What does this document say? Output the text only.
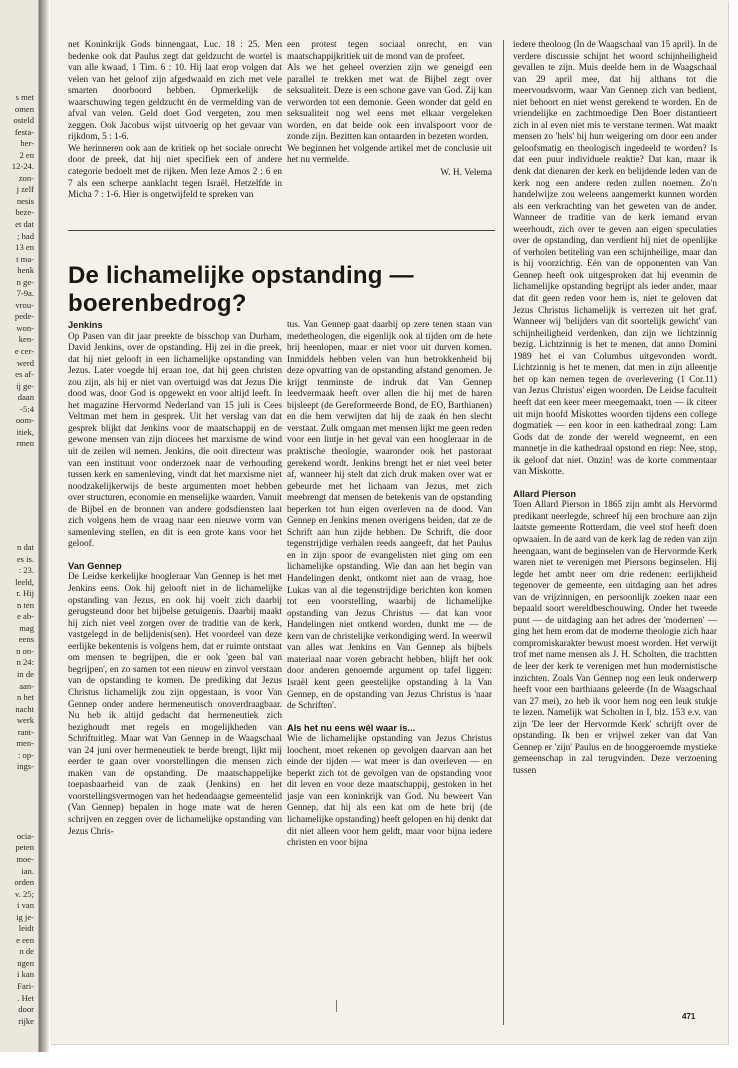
s met
omen
osteld
festa-
her-
2 en
12-24.
zon-
j zelf
nesis
beze-
et dat
; had
13 en
t ma-
henk
n ge-
7-9a.
vrou-
pede-
won-
ken-
e cer-
werd
es af-
ij ge-
daan
-5:4
oom-
itiek,
rmen
n dat
es is.
: 23.
leeld,
r. Hij
n ten
e ab-
mag
eens
n on-
n 24:
in de
aan-
n het
nacht
werk
rant-
men-
: op-
ings-
ocia-
peten
moe-
ian.
orden
v. 25;
i van
ig je-
leidt
e een
n de
ngen
i kan
Fari-
. Het
door
rijke

net Koninkrijk Gods binnengaat, Luc. 18 : 25. Men bedenke ook dat Paulus zegt dat geldzucht de wortel is van alle kwaad, 1 Tim. 6 : 10. Hij laat erop volgen dat velen van het geloof zijn afgedwaald en zich met vele smarten doorboord hebben. Opmerkelijk de waarschuwing tegen geldzucht én de vermelding van de afval van velen. Geld doet God vergeten, zou men zeggen. Ook Jacobus wijst uitvoerig op het gevaar van rijkdom, 5 : 1-6.

We herinneren ook aan de kritiek op het sociale onrecht door de preek, dat hij niet specifiek een of andere categorie bedoelt met de rijken. Men leze Amos 2 : 6 en 7 als een scherpe aanklacht tegen Israël. Hetzelfde in Micha 7 : 1-6. Hier is ongetwijfeld te spreken van

een protest tegen sociaal onrecht, en van maatschappijkritiek uit de mond van de profeet.

Als we het geheel overzien zijn we geneigd een parallel te trekken met wat de Bijbel zegt over seksualiteit. Deze is een schone gave van God. Zij kan verworden tot een demonie. Geen wonder dat geld en seksualiteit nog wel eens met elkaar vergeleken worden, en dat beide ook een invalspoort voor de zonde zijn. Bezitten kan ontaarden in bezeten worden.

We beginnen het volgende artikel met de conclusie uit het nu vermelde.

W. H. Velema

De lichamelijke opstanding — boerenbedrog?

Jenkins

Op Pasen van dit jaar preekte de bisschop van Durham, David Jenkins, over de opstanding. Hij zei in die preek, dat hij niet gelooft in een lichamelijke opstanding van Jezus. Later voegde hij eraan toe, dat hij geen christen zou zijn, als hij er niet van overtuigd was dat Jezus Die dood was, door God is opgewekt en voor altijd leeft. In het magazine Hervormd Nederland van 15 juli is Cees Veltman met hem in gesprek. Uit het verslag van dat gesprek blijkt dat Jenkins voor de maatschappij en de gewone mensen van zijn diocees het marxisme de wind uit de zeilen wil nemen. Jenkins, die ooit directeur was van een instituut voor onderzoek naar de verhouding tussen kerk en samenleving, vindt dat het marxisme niet noodzakelijkerwijs de beste argumenten moet hebben over structuren, economie en menselijke waarden. Vanuit de Bijbel en de bronnen van andere godsdiensten laat zich volgens hem de vraag naar een nieuwe vorm van samenleving stellen, en dit is een grote kans voor het geloof.

Van Gennep

De Leidse kerkelijke hoogleraar Van Gennep is het met Jenkins eens. Ook hij gelooft niet in de lichamelijke opstanding van Jezus, en ook hij voelt zich daarbij gerugsteund door het bijbelse getuigenis. Daarbij maakt hij zich niet veel zorgen over de traditie van de kerk, vastgelegd in de belijdenis(sen). Het voordeel van deze eerlijke bekentenis is volgens hem, dat er ruimte ontstaat om mensen te begrijpen, die er ook 'geen bal van begrijpen', en zo samen tot een nieuw en zinvol verstaan van de opstanding te komen. De prediking dat Jezus Christus lichamelijk zou zijn opgestaan, is voor Van Gennep onder andere hermeneutisch onoverdraagbaar. Nu heb ik altijd gedacht dat hermeneutiek zich bezighoudt met regels en mogelijkheden van Schriftuitleg. Maar wat Van Gennep in de Waagschaal van 24 juni over hermeneutiek te berde brengt, lijkt mij eerder te gaan over voorstellingen die mensen zich maken van de opstanding. De maatschappelijke toepasbaarheid van de zaak (Jenkins) en het voorstellingsvermogen van het hedendaagse gemeentelid (Van Gennep) bepalen in hoge mate wat de heren schrijven en zeggen over de lichamelijke opstanding van Jezus Chris-

tus. Van Gennep gaat daarbij op zere tenen staan van medetheologen, die eigenlijk ook al tijden om de hete brij heenlopen, maar er niet voor uit durven komen. Inmiddels hebben velen van hun betrokkenheid bij deze opvatting van de opstanding afstand genomen. Je krijgt tenminste de indruk dat Van Gennep leedvermaak heeft over allen die hij met de haren bijsleept (de Gereformeerde Bond, de EO, Barthianen) en die hem verwijten dat hij de zaak én hen slecht verstaat. Zulk omgaan met mensen lijkt me geen reden voor een lintje in het geval van een hoogleraar in de praktische theologie, waaronder ook het pastoraat gerekend wordt. Jenkins brengt het er niet veel beter af, wanneer hij stelt dat zich druk maken over wat er gebeurde met het lichaam van Jezus, met zich meebrengt dat mensen de betekenis van de opstanding beperken tot hun eigen overleven na de dood. Van Gennep en Jenkins menen overigens beiden, dat ze de Schrift aan hun zijde hebben. De Schrift, die door tegenstrijdige verhalen reeds aangeeft, dat het Paulus en in zijn spoor de evangelisten niet ging om een lichamelijke opstanding. Wie dan aan het begin van Handelingen denkt, ontkomt niet aan de vraag, hoe Lukas van al die tegenstrijdige berichten kon komen tot een voorstelling, waarbij de lichamelijke opstanding van Jezus Christus — dat kan voor Handelingen niet ontkend worden, dunkt me — de kern van de christelijke verkondiging werd. In weerwil van alles wat Jenkins en Van Gennep als bijbels materiaal naar voren gebracht hebben, blijft het ook door anderen genoemde argument op tafel liggen: Israël kent geen geestelijke opstanding à la Van Gennep, en de opstanding van Jezus Christus is 'naar de Schriften'.

Als het nu eens wél waar is...

Wie de lichamelijke opstanding van Jezus Christus loochent, moet rekenen op gevolgen daarvan aan het einde der tijden — wat meer is dan overleven — en beperkt zich tot de gevolgen van de opstanding voor dit leven en voor deze maatschappij, gestoken in het jasje van een koninkrijk van God. Nu beweert Van Gennep, dat hij als een kat om de hete brij (de lichamelijke opstanding) heeft gelopen en hij denkt dat dit niet alleen voor hem geldt, maar voor bijna iedere christen en voor bijna

iedere theoloog (In de Waagschaal van 15 april). In de verdere discussie schijnt het woord schijnheiligheid gevallen te zijn. Muis deelde hem in de Waagschaal van 29 april mee, dat hij althans tot die meervoudsvorm, waar Van Gennep zich van bedient, niet behoort en niet wenst gerekend te worden. En de vriendelijke en zachtmoedige Den Boer distantieert zich in al even niet mis te verstane termen. Wat maakt mensen zo 'hels' bij hun weigering om door een ander geloofsmatig en theologisch ingedeeld te worden? Is dat een puur individuele reaktie? Dat kan, maar ik denk dat dienaren der kerk en belijdende leden van de kerk nog een andere reden zullen noemen. Zo'n handelwijze zou weleens aangemerkt kunnen worden als een verkrachting van het geweten van de ander. Wanneer de traditie van de kerk iemand ervan weerhoudt, zich over te geven aan eigen speculaties over de opstanding, dan verdient hij niet de openlijke of verholen betiteling van een schijnheilige, maar dan is hij voorzichtig. Eén van de opponenten van Van Gennep heeft ook uitgesproken dat hij evenmin de lichamelijke opstanding begrijpt als ieder ander, maar dat dit geen reden voor hem is, niet te geloven dat Jezus Christus lichamelijk is verrezen uit het graf. Wanneer wij 'belijders van dit soortelijk gewicht' van schijnheiligheid verdenken, dan zijn we lichtzinnig bezig. Lichtzinnig is het te menen, dat anno Domini 1989 het ei van Columbus uitgevonden wordt. Lichtzinnig is het te menen, dat men in zijn alleentje het op kan nemen tegen de overlevering (1 Cor.11) van Jezus Christus' eigen woorden. De Leidse faculteit heeft dat een keer meer meegemaakt, toen — ik citeer uit mijn hoofd Miskottes woorden tijdens een college dogmatiek — een koor in een kathedraal zong: Lam Gods dat de zonde der wereld wegneemt, en een mannetje in die kathedraal opstond en riep: Nee, stop, ik geloof dat niet. Onzin! was de korte commentaar van Miskotte.

Allard Pierson

Toen Allard Pierson in 1865 zijn ambt als Hervormd predikant neerlegde, schreef hij een brochure aan zijn laatste gemeente Rotterdam, die veel stof heeft doen opwaaien. In de aard van de kerk lag de reden van zijn heengaan, want de beginselen van de Hervormde Kerk waren niet te verenigen met Piersons beginselen. Hij legde het ambt neer om drie redenen: eerlijkheid tegenover de gemeente, een uitdaging aan het adres van de vrijzinnigen, en persoonlijk zoeken naar een bepaald soort wereldbeschouwing. Onder het tweede punt — de uitdaging aan het adres der 'modernen' — ging het hem erom dat de moderne theologie zich haar compromiskarakter bewust moest worden. Het verwijt trof met name mensen als J. H. Scholten, die trachtten de leer der kerk te verenigen met hun modernistische inzichten. Zoals Van Gennep nog een leuk onderwerp heeft voor een barthiaans geleerde (In de Waagschaal van 27 mei), zo heb ik voor hem nog een leuk stukje te lezen. Namelijk wat Scholten in I, blz. 153 e.v. van zijn 'De leer der Hervormde Kerk' schrijft over de opstanding. Ik ben er vrijwel zeker van dat Van Gennep er 'zijn' Paulus en de hooggeroemde mystieke gemeenschap in zal terugvinden. Deze verzoening tussen

471
